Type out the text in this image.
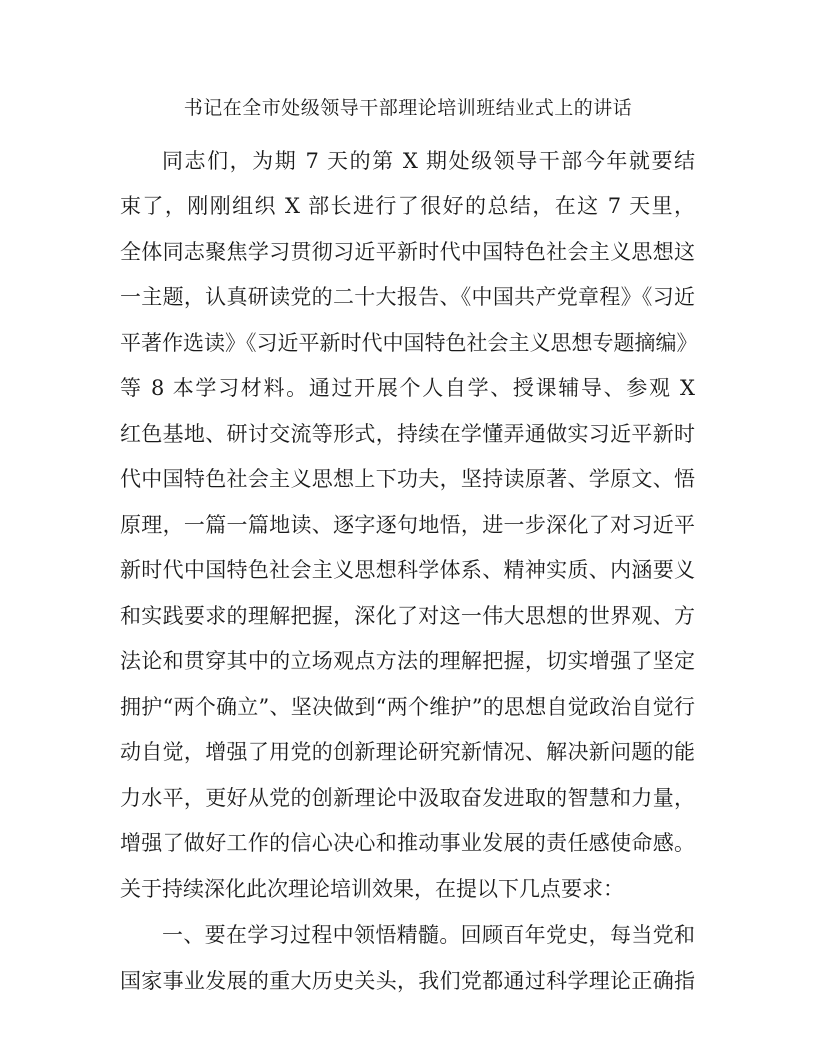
书记在全市处级领导干部理论培训班结业式上的讲话

同志们，为期 7 天的第 X 期处级领导干部今年就要结

束了，刚刚组织 X 部长进行了很好的总结，在这 7 天里，

全体同志聚焦学习贯彻习近平新时代中国特色社会主义思想这

一主题，认真研读党的二十大报告、《中国共产党章程》《习近

平著作选读》《习近平新时代中国特色社会主义思想专题摘编》

等 8 本学习材料。通过开展个人自学、授课辅导、参观 X

红色基地、研讨交流等形式，持续在学懂弄通做实习近平新时

代中国特色社会主义思想上下功夫，坚持读原著、学原文、悟

原理，一篇一篇地读、逐字逐句地悟，进一步深化了对习近平

新时代中国特色社会主义思想科学体系、精神实质、内涵要义

和实践要求的理解把握，深化了对这一伟大思想的世界观、方

法论和贯穿其中的立场观点方法的理解把握，切实增强了坚定

拥护“两个确立”、坚决做到“两个维护”的思想自觉政治自觉行

动自觉，增强了用党的创新理论研究新情况、解决新问题的能

力水平，更好从党的创新理论中汲取奋发进取的智慧和力量，

增强了做好工作的信心决心和推动事业发展的责任感使命感。

关于持续深化此次理论培训效果，在提以下几点要求：

一、要在学习过程中领悟精髓。回顾百年党史，每当党和

国家事业发展的重大历史关头，我们党都通过科学理论正确指
